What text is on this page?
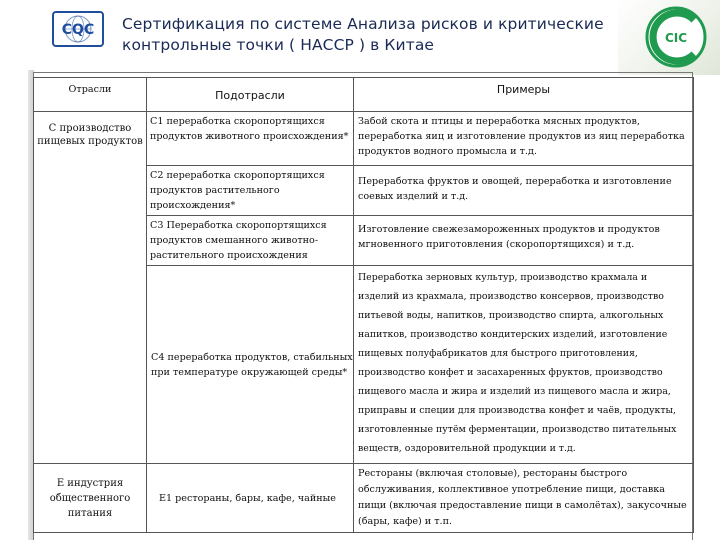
CQC Сертификация по системе Анализа рисков и критические
контрольные точки ( НАССР ) в Китае	CIC
Отрасли	Подотрасли	Примеры
C производство пищевых продуктов	C1 переработка скоропортящихся продуктов животного происхождения*	Забой скота и птицы и переработка мясных продуктов, переработка яиц и изготовление продуктов из яиц переработка продуктов водного промысла и т.д.
	C2 переработка скоропортящихся продуктов растительного происхождения*	Переработка фруктов и овощей, переработка и изготовление соевых изделий и т.д.
	C3 Переработка скоропортящихся продуктов смешанного животно-растительного происхождения	Изготовление свежезамороженных продуктов и продуктов мгновенного приготовления (скоропортящихся) и т.д.
	C4 переработка продуктов, стабильных при температуре окружающей среды*	Переработка зерновых культур, производство крахмала и изделий из крахмала, производство консервов, производство питьевой воды, напитков, производство спирта, алкогольных напитков, производство кондитерских изделий, изготовление пищевых полуфабрикатов для быстрого приготовления, производство конфет и засахаренных фруктов, производство пищевого масла и жира и изделий из пищевого масла и жира, приправы и специи для производства конфет и чаёв, продукты, изготовленные путём ферментации, производство питательных веществ, оздоровительной продукции и т.д.
E индустрия общественного питания	E1 рестораны, бары, кафе, чайные	Рестораны (включая столовые), рестораны быстрого обслуживания, коллективное употребление пищи, доставка пищи (включая предоставление пищи в самолётах), закусочные (бары, кафе) и т.п.
